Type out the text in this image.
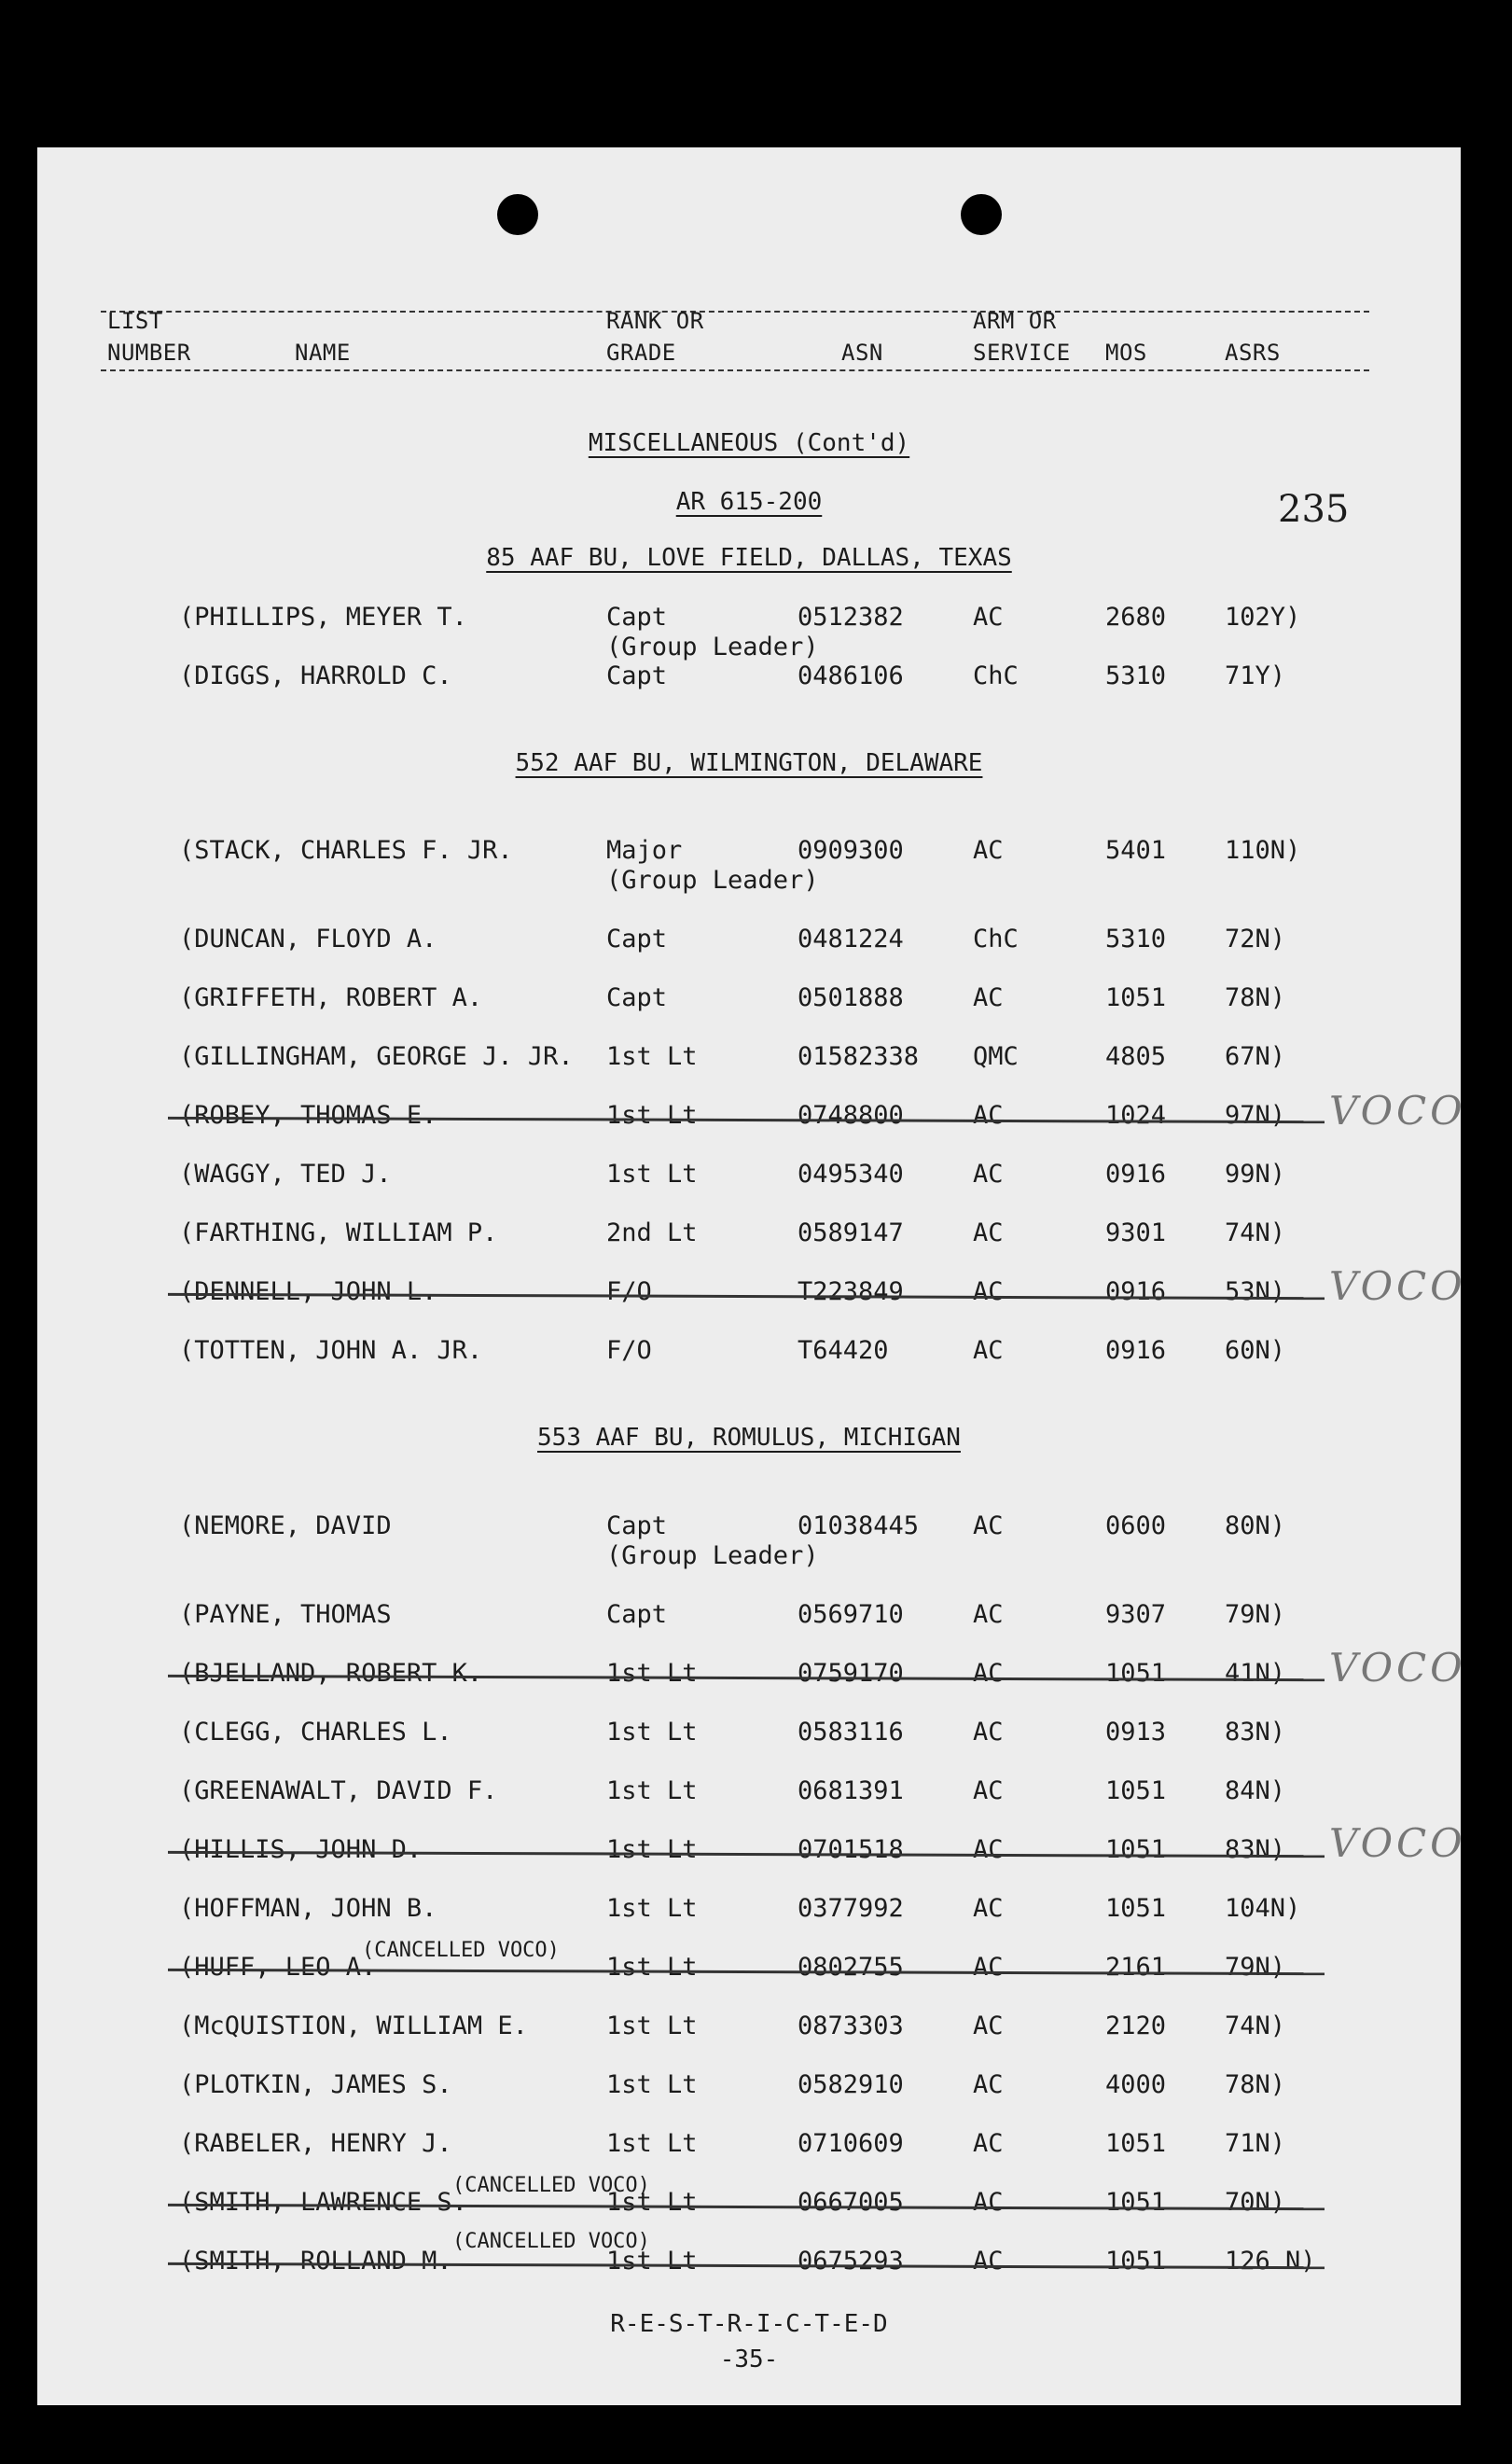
LIST
NUMBER	NAME
RANK OR
GRADE	ASN
ARM OR
SERVICE MOS	ASRS
MISCELLANEOUS (Cont'd)
AR 615-200	235
85 AAF BU, LOVE FIELD, DALLAS, TEXAS
(PHILLIPS, MEYER T.	Capt	0512382	AC	2680 102Y)
(Group Leader)
(DIGGS, HARROLD C.	Capt	0486106	ChC	5310 71Y)
552 AAF BU, WILMINGTON, DELAWARE
(STACK, CHARLES F. JR.	Major	0909300	AC	5401 110N)
(Group Leader)
(DUNCAN, FLOYD A.	Capt	0481224	ChC	5310 72N)
(GRIFFETH, ROBERT A.	Capt	0501888	AC	1051 78N)
(GILLINGHAM, GEORGE J. JR. 1st Lt	01582338 QMC	4805 67N)
(ROBEY, THOMAS E.	1st Lt	0748800	AC	1024 97N) VOCO
(WAGGY, TED J.	1st Lt	0495340	AC	0916 99N)
(FARTHING, WILLIAM P.	2nd Lt	0589147	AC	9301 74N)
(DENNELL, JOHN L.	F/O	T223849	AC	0916 53N) VOCO
(TOTTEN, JOHN A. JR.	F/O	T64420	AC	0916 60N)
553 AAF BU, ROMULUS, MICHIGAN
(NEMORE, DAVID	Capt	01038445 AC	0600 80N)
(Group Leader)
(PAYNE, THOMAS	Capt	0569710	AC	9307 79N)
(BJELLAND, ROBERT K.	1st Lt	0759170	AC	1051 41N) VOCO
(CLEGG, CHARLES L.	1st Lt	0583116	AC	0913 83N)
(GREENAWALT, DAVID F.	1st Lt	0681391	AC	1051 84N)
(HILLIS, JOHN D.	1st Lt	0701518	AC	1051 83N) VOCO
(HOFFMAN, JOHN B.	1st Lt	0377992	AC	1051 104N)
(HUFF, LEO A.	1st Lt	0802755	AC	2161 79N)
(CANCELLED VOCO)
(McQUISTION, WILLIAM E.	1st Lt	0873303	AC	2120 74N)
(PLOTKIN, JAMES S.	1st Lt	0582910	AC	4000 78N)
(RABELER, HENRY J.	1st Lt	0710609	AC	1051 71N)
(SMITH, LAWRENCE S.	1st Lt	0667005	AC	1051 70N)
(CANCELLED VOCO)
(SMITH, ROLLAND M.	1st Lt	0675293	AC	1051 126 N)
(CANCELLED VOCO)
R-E-S-T-R-I-C-T-E-D
-35-
